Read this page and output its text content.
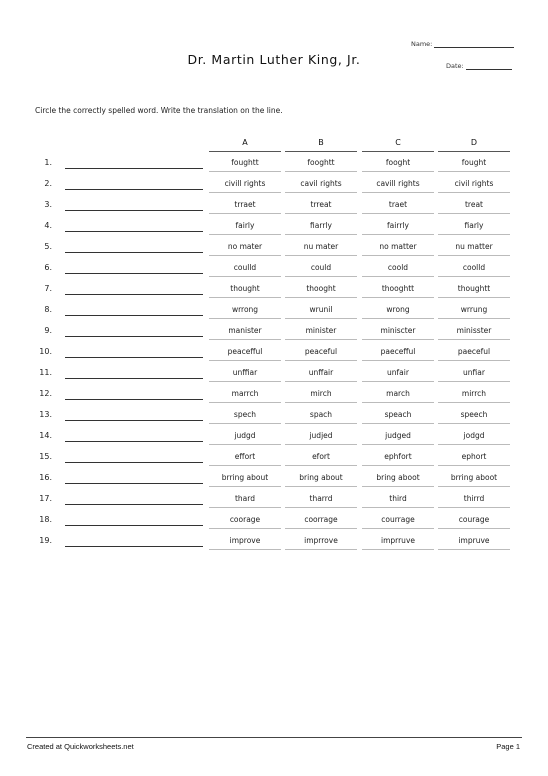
Name:
Dr. Martin Luther King, Jr.	Date:
Circle the correctly spelled word. Write the translation on the line.
A	B	C	D
1.	foughtt	fooghtt	fooght	fought
2.	civill rights	cavil rights	cavill rights	civil rights
3.	trraet	trreat	traet	treat
4.	fairly	fiarrly	fairrly	fiarly
5.	no mater	nu mater	no matter	nu matter
6.	coulld	could	coold	coolld
7.	thought	thooght	thooghtt	thoughtt
8.	wrrong	wrunil	wrong	wrrung
9.	manister	minister	miniscter	minisster
10.	peacefful	peaceful	paecefful	paeceful
11.	unffiar	unffair	unfair	unfiar
12.	marrch	mirch	march	mirrch
13.	spech	spach	speach	speech
14.	judgd	judjed	judged	jodgd
15.	effort	efort	ephfort	ephort
16.	brring about	bring about	bring aboot	brring aboot
17.	thard	tharrd	third	thirrd
18.	coorage	coorrage	courrage	courage
19.	improve	imprrove	imprruve	impruve
Created at Quickworksheets.net	Page 1
